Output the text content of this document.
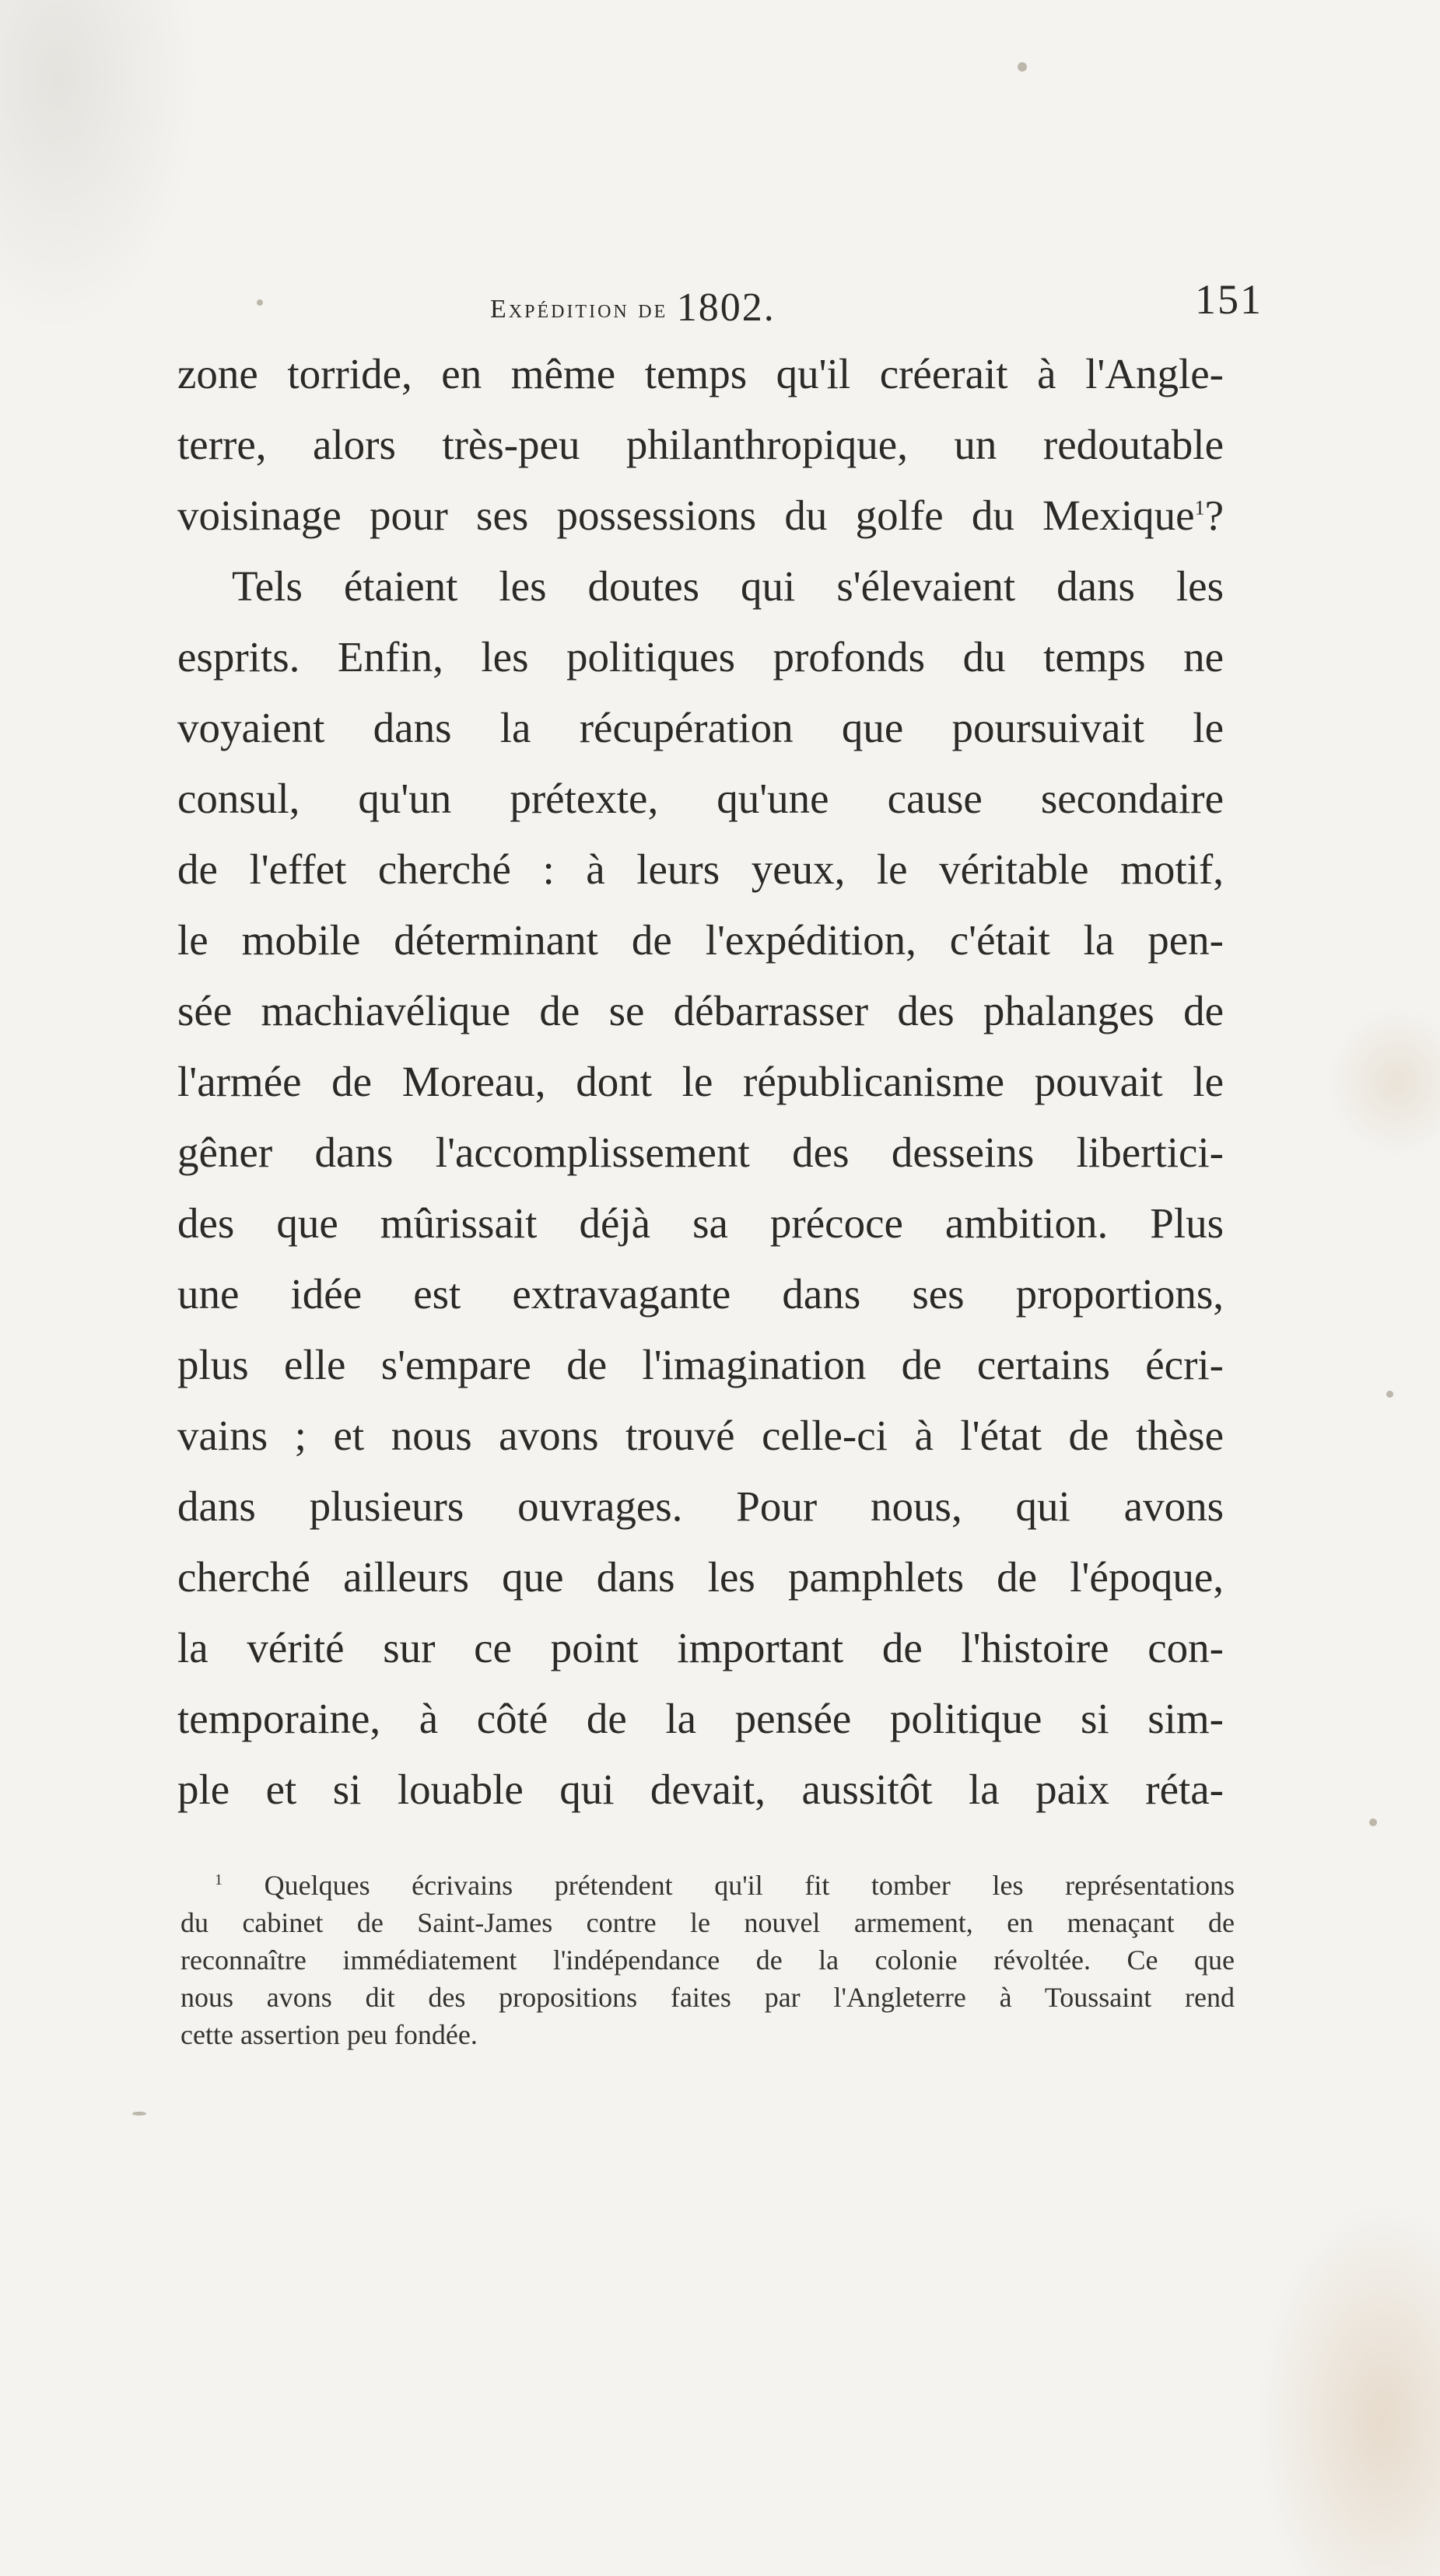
Expédition de 1802.	151
zone torride, en même temps qu'il créerait à l'Angle-
terre, alors très-peu philanthropique, un redoutable
voisinage pour ses possessions du golfe du Mexique$^1$?
Tels étaient les doutes qui s'élevaient dans les
esprits. Enfin, les politiques profonds du temps ne
voyaient dans la récupération que poursuivait le
consul, qu'un prétexte, qu'une cause secondaire
de l'effet cherché : à leurs yeux, le véritable motif,
le mobile déterminant de l'expédition, c'était la pen-
sée machiavélique de se débarrasser des phalanges de
l'armée de Moreau, dont le républicanisme pouvait le
gêner dans l'accomplissement des desseins libertici-
des que mûrissait déjà sa précoce ambition. Plus
une idée est extravagante dans ses proportions,
plus elle s'empare de l'imagination de certains écri-
vains ; et nous avons trouvé celle-ci à l'état de thèse
dans plusieurs ouvrages. Pour nous, qui avons
cherché ailleurs que dans les pamphlets de l'époque,
la vérité sur ce point important de l'histoire con-
temporaine, à côté de la pensée politique si sim-
ple et si louable qui devait, aussitôt la paix réta-
$^1$ Quelques écrivains prétendent qu'il fit tomber les représentations
du cabinet de Saint-James contre le nouvel armement, en menaçant de
reconnaître immédiatement l'indépendance de la colonie révoltée. Ce que
nous avons dit des propositions faites par l'Angleterre à Toussaint rend
cette assertion peu fondée.
